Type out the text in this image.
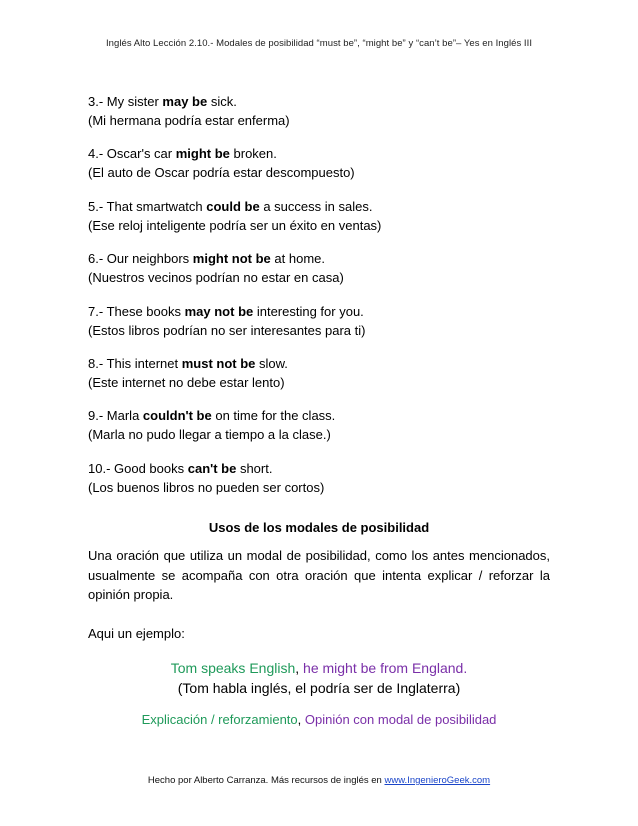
Inglés Alto Lección 2.10.- Modales de posibilidad “must be”, “might be” y “can’t be”– Yes en Inglés III
3.- My sister may be sick.
(Mi hermana podría estar enferma)
4.- Oscar's car might be broken.
(El auto de Oscar podría estar descompuesto)
5.- That smartwatch could be a success in sales.
(Ese reloj inteligente podría ser un éxito en ventas)
6.- Our neighbors might not be at home.
(Nuestros vecinos podrían no estar en casa)
7.- These books may not be interesting for you.
(Estos libros podrían no ser interesantes para ti)
8.- This internet must not be slow.
(Este internet no debe estar lento)
9.- Marla couldn't be on time for the class.
(Marla no pudo llegar a tiempo a la clase.)
10.- Good books can't be short.
(Los buenos libros no pueden ser cortos)
Usos de los modales de posibilidad
Una oración que utiliza un modal de posibilidad, como los antes mencionados, usualmente se acompaña con otra oración que intenta explicar / reforzar la opinión propia.
Aqui un ejemplo:
Tom speaks English, he might be from England.
(Tom habla inglés, el podría ser de Inglaterra)
Explicación / reforzamiento, Opinión con modal de posibilidad
Hecho por Alberto Carranza. Más recursos de inglés en www.IngenieroGeek.com
